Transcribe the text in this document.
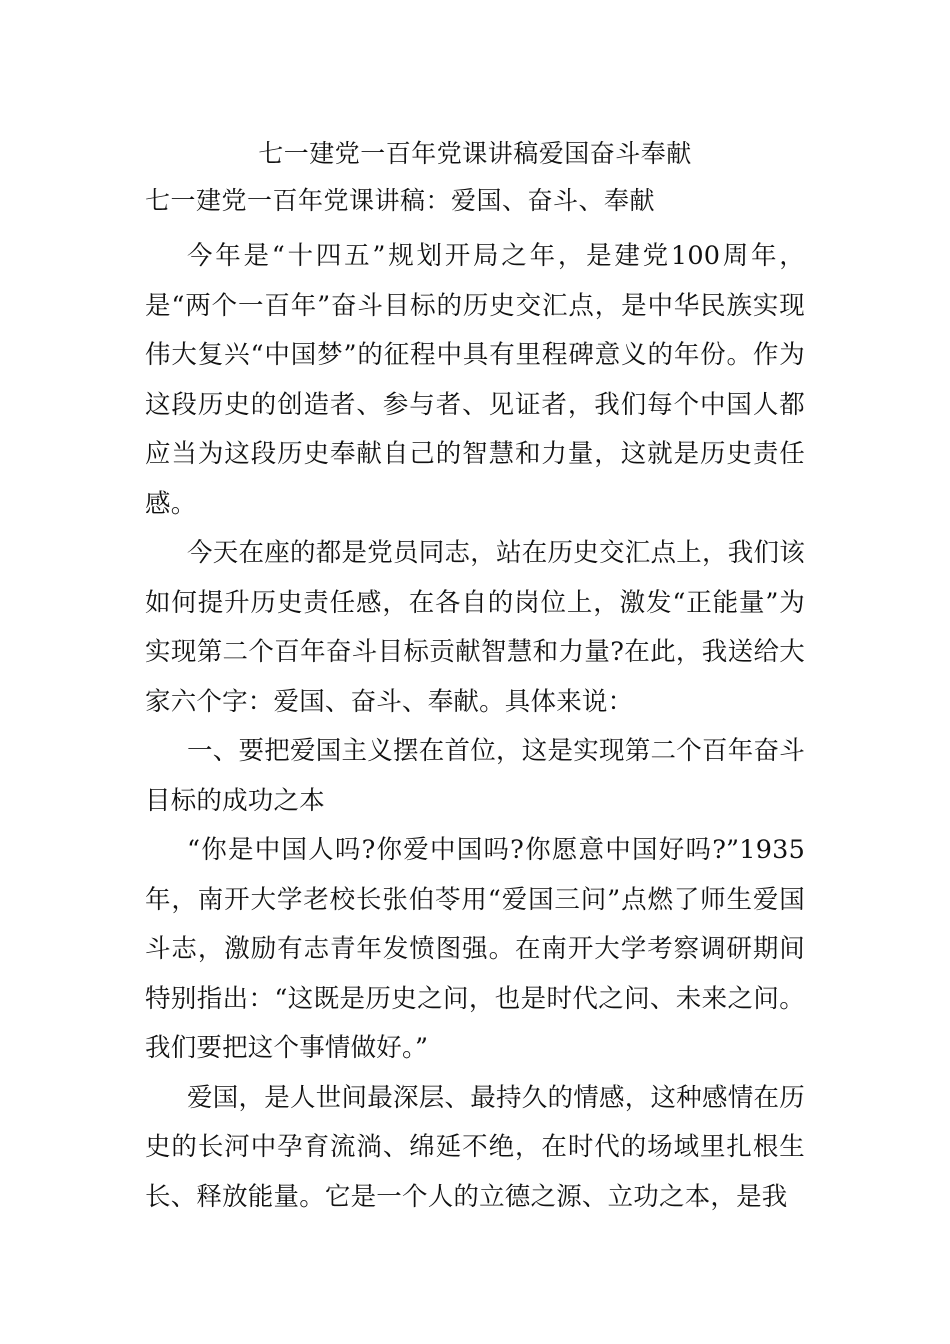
七一建党一百年党课讲稿爱国奋斗奉献

七一建党一百年党课讲稿：爱国、奋斗、奉献

今年是“十四五”规划开局之年，是建党100周年，是“两个一百年”奋斗目标的历史交汇点，是中华民族实现伟大复兴“中国梦”的征程中具有里程碑意义的年份。作为这段历史的创造者、参与者、见证者，我们每个中国人都应当为这段历史奉献自己的智慧和力量，这就是历史责任感。

今天在座的都是党员同志，站在历史交汇点上，我们该如何提升历史责任感，在各自的岗位上，激发“正能量”为实现第二个百年奋斗目标贡献智慧和力量?在此，我送给大家六个字：爱国、奋斗、奉献。具体来说：

一、要把爱国主义摆在首位，这是实现第二个百年奋斗目标的成功之本

“你是中国人吗?你爱中国吗?你愿意中国好吗?”1935年，南开大学老校长张伯苓用“爱国三问”点燃了师生爱国斗志，激励有志青年发愤图强。在南开大学考察调研期间特别指出：“这既是历史之问，也是时代之问、未来之问。我们要把这个事情做好。”

爱国，是人世间最深层、最持久的情感，这种感情在历史的长河中孕育流淌、绵延不绝，在时代的场域里扎根生长、释放能量。它是一个人的立德之源、立功之本，是我
